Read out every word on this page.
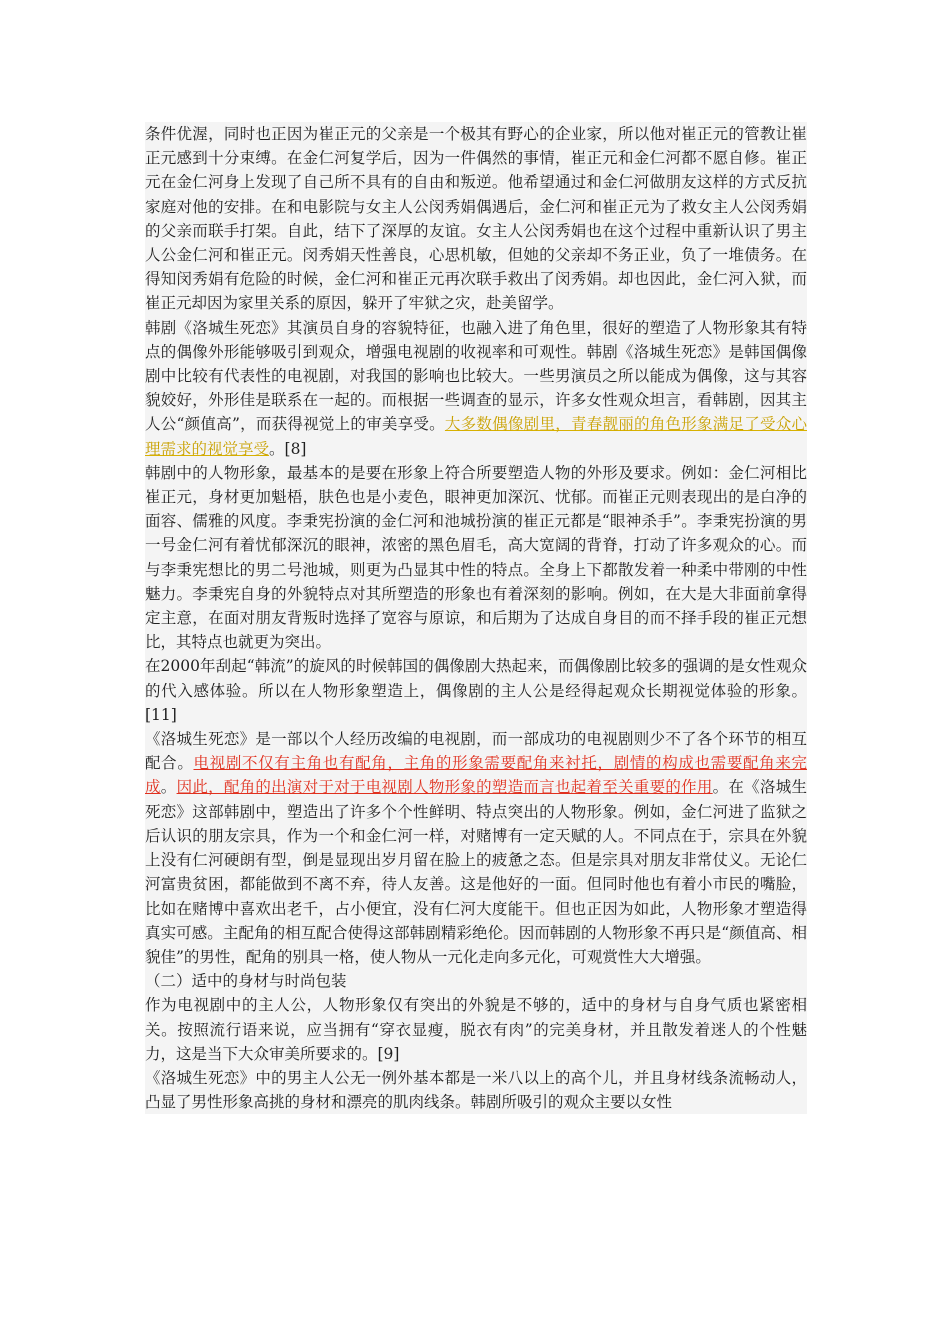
条件优渥，同时也正因为崔正元的父亲是一个极其有野心的企业家，所以他对崔正元的管教让崔正元感到十分束缚。在金仁河复学后，因为一件偶然的事情，崔正元和金仁河都不愿自修。崔正元在金仁河身上发现了自己所不具有的自由和叛逆。他希望通过和金仁河做朋友这样的方式反抗家庭对他的安排。在和电影院与女主人公闵秀娟偶遇后，金仁河和崔正元为了救女主人公闵秀娟的父亲而联手打架。自此，结下了深厚的友谊。女主人公闵秀娟也在这个过程中重新认识了男主人公金仁河和崔正元。闵秀娟天性善良，心思机敏，但她的父亲却不务正业，负了一堆债务。在得知闵秀娟有危险的时候，金仁河和崔正元再次联手救出了闵秀娟。却也因此，金仁河入狱，而崔正元却因为家里关系的原因，躲开了牢狱之灾，赴美留学。

韩剧《洛城生死恋》其演员自身的容貌特征，也融入进了角色里，很好的塑造了人物形象其有特点的偶像外形能够吸引到观众，增强电视剧的收视率和可观性。韩剧《洛城生死恋》是韩国偶像剧中比较有代表性的电视剧，对我国的影响也比较大。一些男演员之所以能成为偶像，这与其容貌姣好，外形佳是联系在一起的。而根据一些调查的显示，许多女性观众坦言，看韩剧，因其主人公“颜值高”，而获得视觉上的审美享受。大多数偶像剧里，青春靓丽的角色形象满足了受众心理需求的视觉享受。[8]

韩剧中的人物形象，最基本的是要在形象上符合所要塑造人物的外形及要求。例如：金仁河相比崔正元，身材更加魁梧，肤色也是小麦色，眼神更加深沉、忧郁。而崔正元则表现出的是白净的面容、儒雅的风度。李秉宪扮演的金仁河和池城扮演的崔正元都是“眼神杀手”。李秉宪扮演的男一号金仁河有着忧郁深沉的眼神，浓密的黑色眉毛，高大宽阔的背脊，打动了许多观众的心。而与李秉宪想比的男二号池城，则更为凸显其中性的特点。全身上下都散发着一种柔中带刚的中性魅力。李秉宪自身的外貌特点对其所塑造的形象也有着深刻的影响。例如，在大是大非面前拿得定主意，在面对朋友背叛时选择了宽容与原谅，和后期为了达成自身目的而不择手段的崔正元想比，其特点也就更为突出。

在2000年刮起“韩流”的旋风的时候韩国的偶像剧大热起来，而偶像剧比较多的强调的是女性观众的代入感体验。所以在人物形象塑造上，偶像剧的主人公是经得起观众长期视觉体验的形象。[11]

《洛城生死恋》是一部以个人经历改编的电视剧，而一部成功的电视剧则少不了各个环节的相互配合。电视剧不仅有主角也有配角，主角的形象需要配角来衬托，剧情的构成也需要配角来完成。因此，配角的出演对于对于电视剧人物形象的塑造而言也起着至关重要的作用。在《洛城生死恋》这部韩剧中，塑造出了许多个个性鲜明、特点突出的人物形象。例如，金仁河进了监狱之后认识的朋友宗具，作为一个和金仁河一样，对赌博有一定天赋的人。不同点在于，宗具在外貌上没有仁河硬朗有型，倒是显现出岁月留在脸上的疲惫之态。但是宗具对朋友非常仗义。无论仁河富贵贫困，都能做到不离不弃，待人友善。这是他好的一面。但同时他也有着小市民的嘴脸，比如在赌博中喜欢出老千，占小便宜，没有仁河大度能干。但也正因为如此，人物形象才塑造得真实可感。主配角的相互配合使得这部韩剧精彩绝伦。因而韩剧的人物形象不再只是“颜值高、相貌佳”的男性，配角的别具一格，使人物从一元化走向多元化，可观赏性大大增强。

（二）适中的身材与时尚包装

作为电视剧中的主人公，人物形象仅有突出的外貌是不够的，适中的身材与自身气质也紧密相关。按照流行语来说，应当拥有“穿衣显瘦，脱衣有肉”的完美身材，并且散发着迷人的个性魅力，这是当下大众审美所要求的。[9]

《洛城生死恋》中的男主人公无一例外基本都是一米八以上的高个儿，并且身材线条流畅动人，凸显了男性形象高挑的身材和漂亮的肌肉线条。韩剧所吸引的观众主要以女性
